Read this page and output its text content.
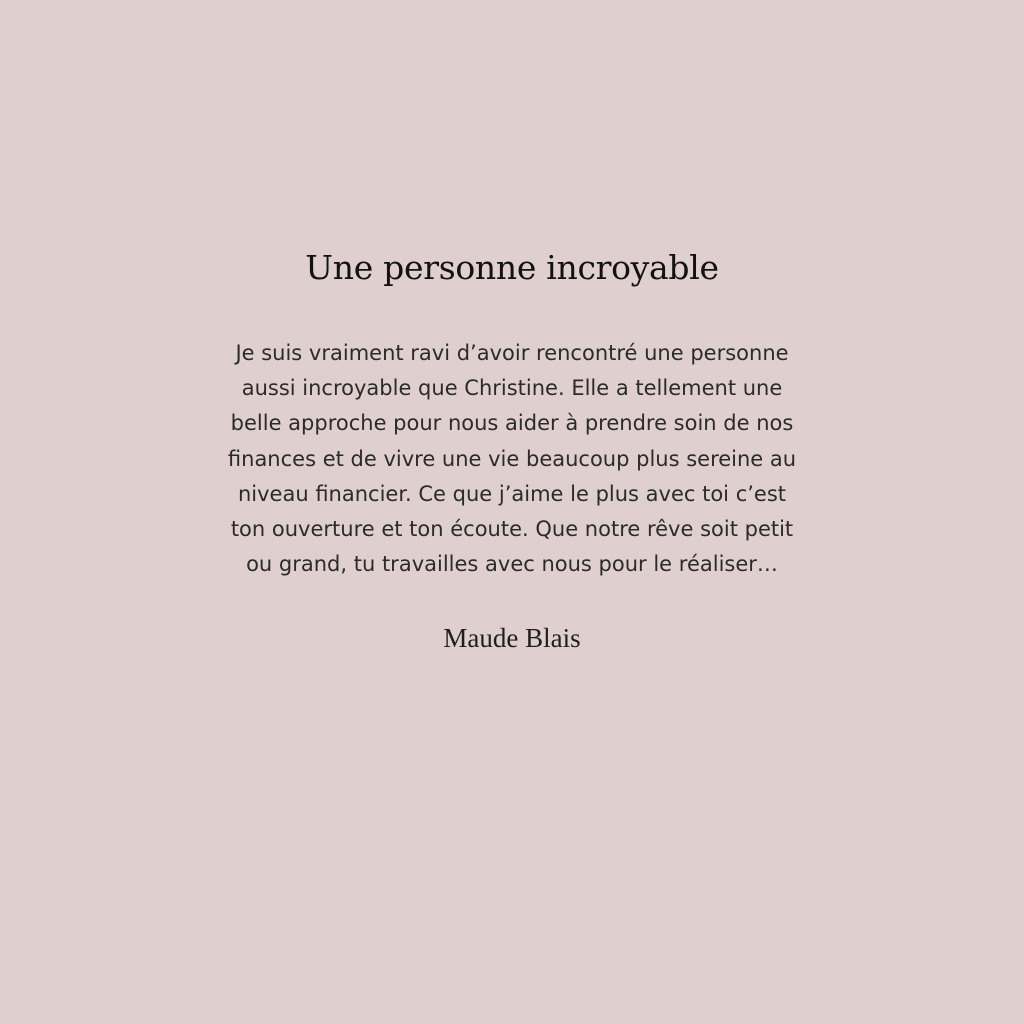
Une personne incroyable

Je suis vraiment ravi d’avoir rencontré une personne
aussi incroyable que Christine. Elle a tellement une
belle approche pour nous aider à prendre soin de nos
finances et de vivre une vie beaucoup plus sereine au
niveau financier. Ce que j’aime le plus avec toi c’est
ton ouverture et ton écoute. Que notre rêve soit petit
ou grand, tu travailles avec nous pour le réaliser…

Maude Blais
